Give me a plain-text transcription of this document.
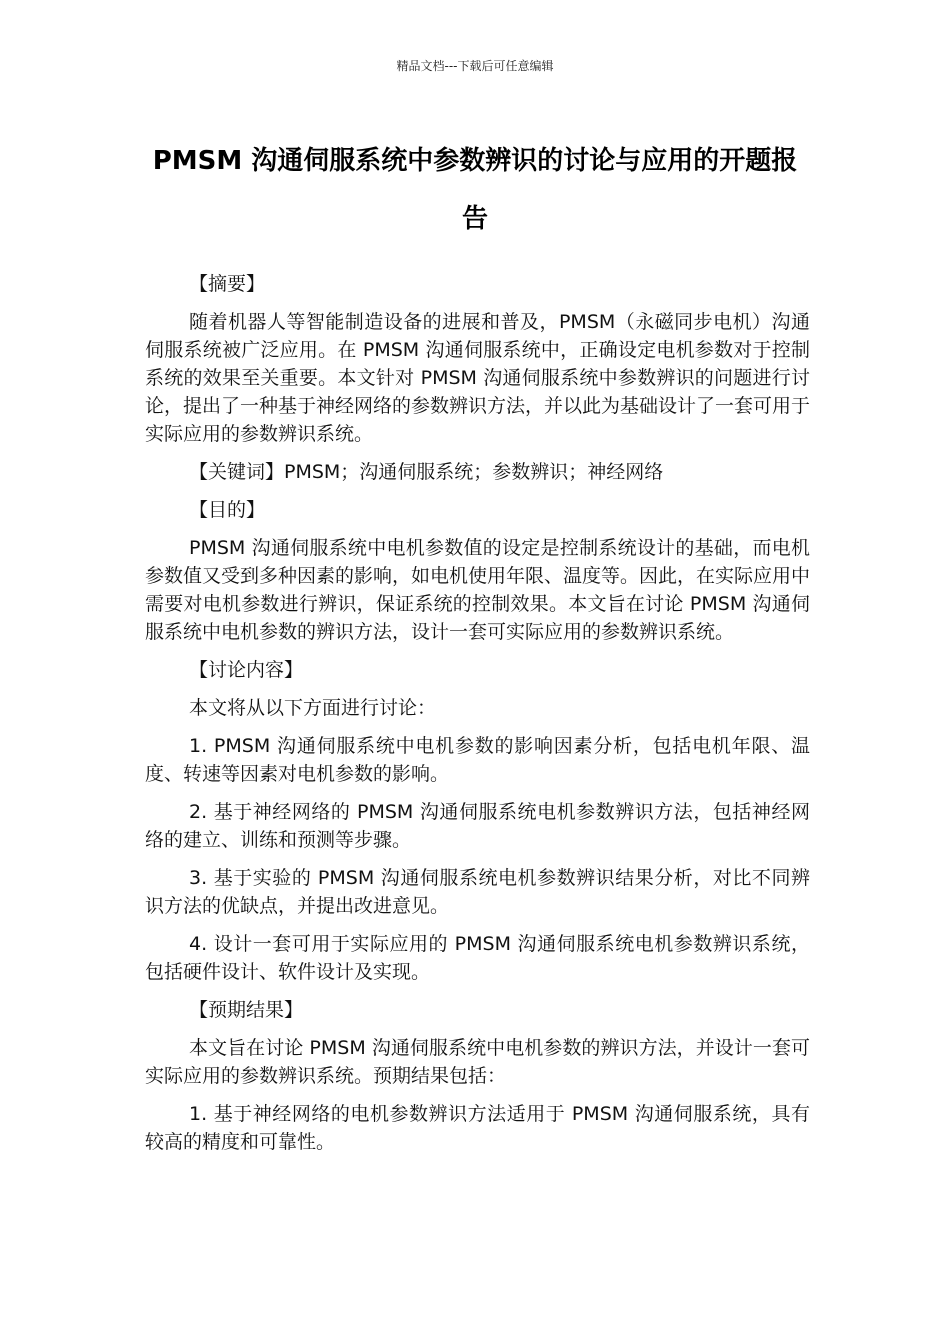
精品文档---下载后可任意编辑
PMSM 沟通伺服系统中参数辨识的讨论与应用的开题报告

【摘要】

随着机器人等智能制造设备的进展和普及，PMSM（永磁同步电机）沟通伺服系统被广泛应用。在 PMSM 沟通伺服系统中，正确设定电机参数对于控制系统的效果至关重要。本文针对 PMSM 沟通伺服系统中参数辨识的问题进行讨论，提出了一种基于神经网络的参数辨识方法，并以此为基础设计了一套可用于实际应用的参数辨识系统。

【关键词】PMSM；沟通伺服系统；参数辨识；神经网络

【目的】

PMSM 沟通伺服系统中电机参数值的设定是控制系统设计的基础，而电机参数值又受到多种因素的影响，如电机使用年限、温度等。因此，在实际应用中需要对电机参数进行辨识，保证系统的控制效果。本文旨在讨论 PMSM 沟通伺服系统中电机参数的辨识方法，设计一套可实际应用的参数辨识系统。

【讨论内容】

本文将从以下方面进行讨论：

1. PMSM 沟通伺服系统中电机参数的影响因素分析，包括电机年限、温度、转速等因素对电机参数的影响。

2. 基于神经网络的 PMSM 沟通伺服系统电机参数辨识方法，包括神经网络的建立、训练和预测等步骤。

3. 基于实验的 PMSM 沟通伺服系统电机参数辨识结果分析，对比不同辨识方法的优缺点，并提出改进意见。

4. 设计一套可用于实际应用的 PMSM 沟通伺服系统电机参数辨识系统，包括硬件设计、软件设计及实现。

【预期结果】

本文旨在讨论 PMSM 沟通伺服系统中电机参数的辨识方法，并设计一套可实际应用的参数辨识系统。预期结果包括：

1. 基于神经网络的电机参数辨识方法适用于 PMSM 沟通伺服系统，具有较高的精度和可靠性。
